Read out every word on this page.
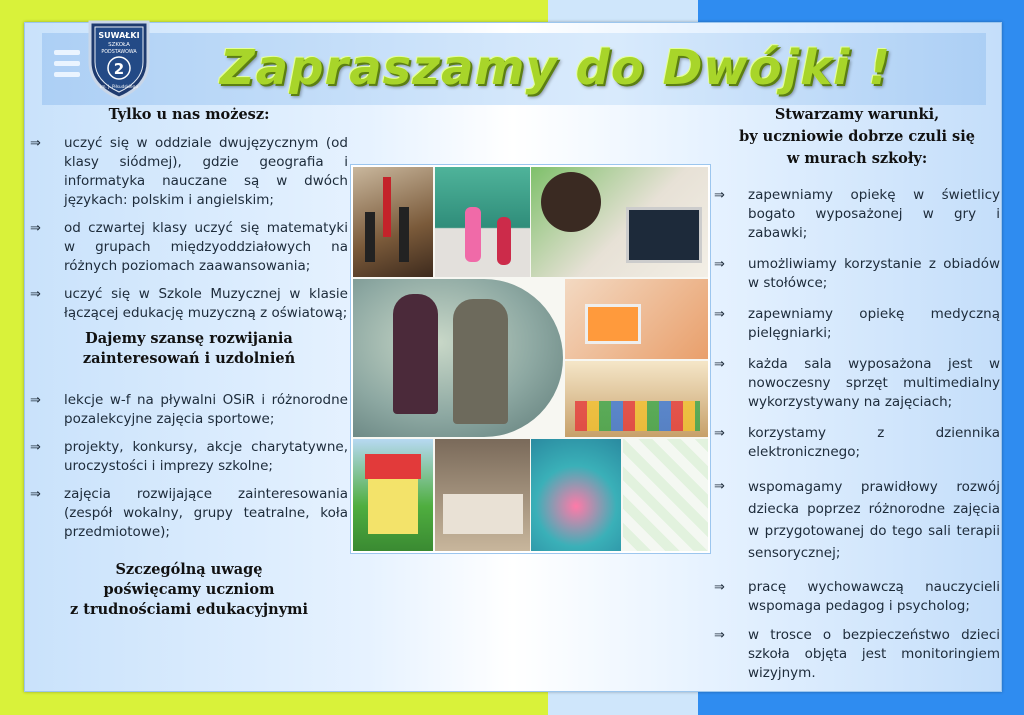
Zapraszamy do Dwójki !
SUWAŁKI
SZKOŁA
PODSTAWOWA
2
im. J. Piłsudskiego
Tylko u nas możesz:
⇒ uczyć się w oddziale dwujęzycznym (od klasy siódmej), gdzie geografia i informatyka nauczane są w dwóch językach: polskim i angielskim;
⇒ od czwartej klasy uczyć się matematyki w grupach międzyoddziałowych na różnych poziomach zaawansowania;
⇒ uczyć się w Szkole Muzycznej w klasie łączącej edukację muzyczną z oświatową;
Dajemy szansę rozwijania
zainteresowań i uzdolnień
⇒ lekcje w-f na pływalni OSiR i różnorodne pozalekcyjne zajęcia sportowe;
⇒ projekty, konkursy, akcje charytatywne, uroczystości i imprezy szkolne;
⇒ zajęcia rozwijające zainteresowania (zespół wokalny, grupy teatralne, koła przedmiotowe);
Szczególną uwagę
poświęcamy uczniom
z trudnościami edukacyjnymi
Stwarzamy warunki,
by uczniowie dobrze czuli się
w murach szkoły:
⇒ zapewniamy opiekę w świetlicy bogato wyposażonej w gry i zabawki;
⇒ umożliwiamy korzystanie z obiadów w stołówce;
⇒ zapewniamy opiekę medyczną pielęgniarki;
⇒ każda sala wyposażona jest w nowoczesny sprzęt multimedialny wykorzystywany na zajęciach;
⇒ korzystamy z dziennika elektronicznego;
⇒ wspomagamy prawidłowy rozwój dziecka poprzez różnorodne zajęcia w przygotowanej do tego sali terapii sensorycznej;
⇒ pracę wychowawczą nauczycieli wspomaga pedagog i psycholog;
⇒ w trosce o bezpieczeństwo dzieci szkoła objęta jest monitoringiem wizyjnym.
